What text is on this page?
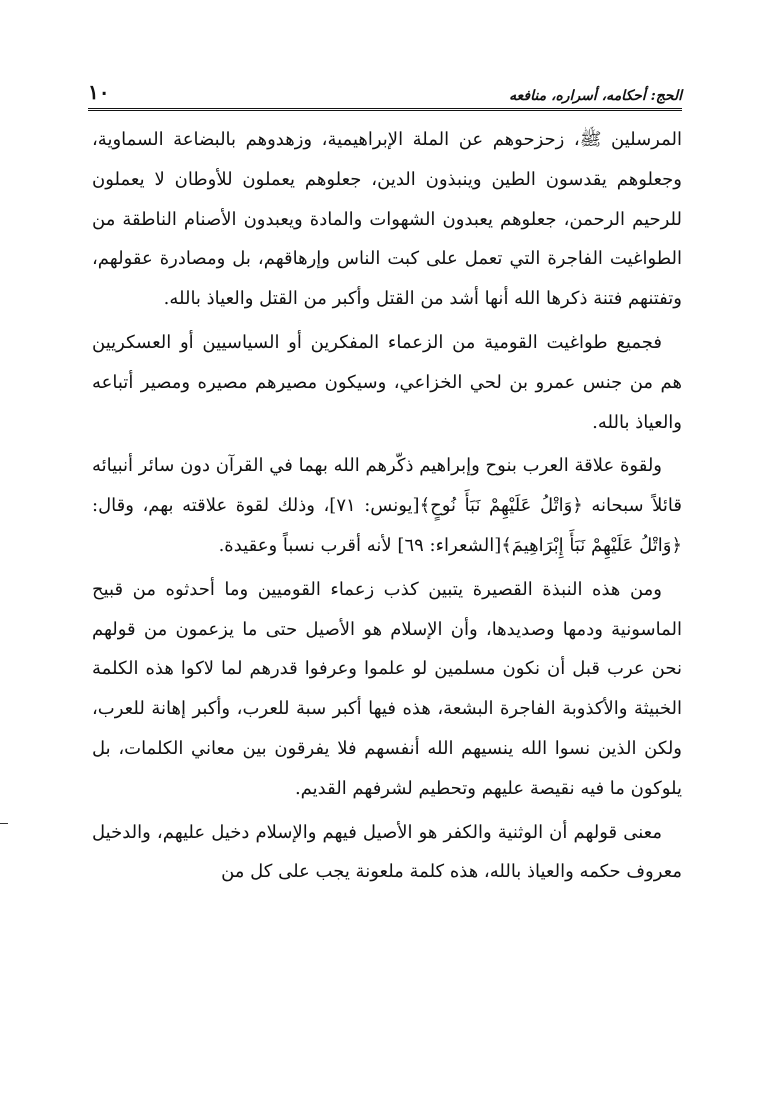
١٠	الحج: أحكامه، أسراره، منافعه

المرسلين ﷺ، زحزحوهم عن الملة الإبراهيمية، وزهدوهم بالبضاعة السماوية، وجعلوهم يقدسون الطين وينبذون الدين، جعلوهم يعملون للأوطان لا يعملون للرحيم الرحمن، جعلوهم يعبدون الشهوات والمادة ويعبدون الأصنام الناطقة من الطواغيت الفاجرة التي تعمل على كبت الناس وإرهاقهم، بل ومصادرة عقولهم، وتفتنهم فتنة ذكرها الله أنها أشد من القتل وأكبر من القتل والعياذ بالله.

فجميع طواغيت القومية من الزعماء المفكرين أو السياسيين أو العسكريين هم من جنس عمرو بن لحي الخزاعي، وسيكون مصيرهم مصيره ومصير أتباعه والعياذ بالله.

ولقوة علاقة العرب بنوح وإبراهيم ذكّرهم الله بهما في القرآن دون سائر أنبيائه قائلاً سبحانه ﴿وَاتْلُ عَلَيْهِمْ نَبَأَ نُوحٍ﴾[يونس: ٧١]، وذلك لقوة علاقته بهم، وقال: ﴿وَاتْلُ عَلَيْهِمْ نَبَأَ إِبْرَاهِيمَ﴾[الشعراء: ٦٩] لأنه أقرب نسباً وعقيدة.

ومن هذه النبذة القصيرة يتبين كذب زعماء القوميين وما أحدثوه من قبيح الماسونية ودمها وصديدها، وأن الإسلام هو الأصيل حتى ما يزعمون من قولهم نحن عرب قبل أن نكون مسلمين لو علموا وعرفوا قدرهم لما لاكوا هذه الكلمة الخبيثة والأكذوبة الفاجرة البشعة، هذه فيها أكبر سبة للعرب، وأكبر إهانة للعرب، ولكن الذين نسوا الله ينسيهم الله أنفسهم فلا يفرقون بين معاني الكلمات، بل يلوكون ما فيه نقيصة عليهم وتحطيم لشرفهم القديم.

معنى قولهم أن الوثنية والكفر هو الأصيل فيهم والإسلام دخيل عليهم، والدخيل معروف حكمه والعياذ بالله، هذه كلمة ملعونة يجب على كل من
